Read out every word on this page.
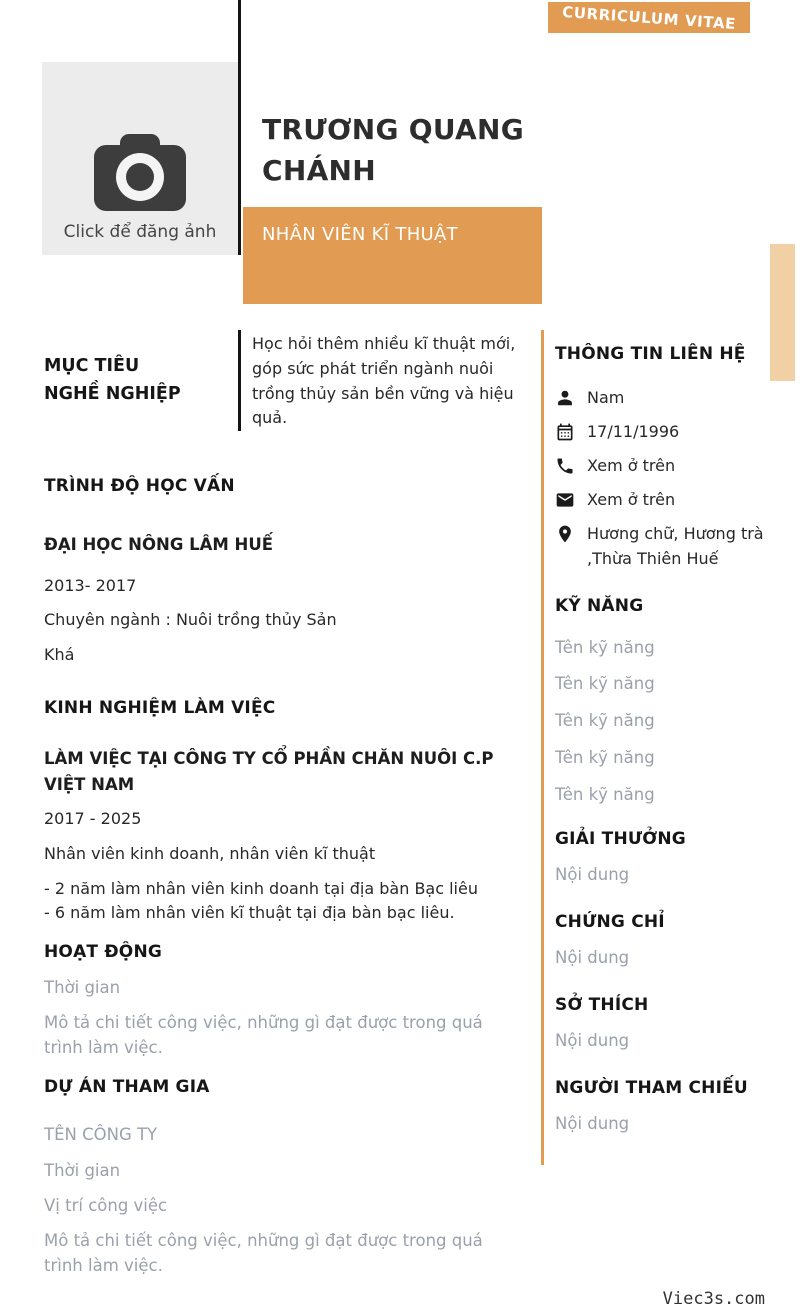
CURRICULUM VITAE
Click để đăng ảnh
TRƯƠNG QUANG CHÁNH
NHÂN VIÊN KĨ THUẬT
MỤC TIÊU NGHỀ NGHIỆP
Học hỏi thêm nhiều kĩ thuật mới, góp sức phát triển ngành nuôi trồng thủy sản bền vững và hiệu quả.

TRÌNH ĐỘ HỌC VẤN

ĐẠI HỌC NÔNG LÂM HUẾ

2013- 2017

Chuyên ngành : Nuôi trồng thủy Sản

Khá

KINH NGHIỆM LÀM VIỆC

LÀM VIỆC TẠI CÔNG TY CỔ PHẦN CHĂN NUÔI C.P VIỆT NAM

2017 - 2025

Nhân viên kinh doanh, nhân viên kĩ thuật

- 2 năm làm nhân viên kinh doanh tại địa bàn Bạc liêu

- 6 năm làm nhân viên kĩ thuật tại địa bàn bạc liêu.

HOẠT ĐỘNG

Thời gian

Mô tả chi tiết công việc, những gì đạt được trong quá trình làm việc.

DỰ ÁN THAM GIA

TÊN CÔNG TY

Thời gian

Vị trí công việc

Mô tả chi tiết công việc, những gì đạt được trong quá trình làm việc.

THÔNG TIN LIÊN HỆ

Nam

17/11/1996

Xem ở trên

Xem ở trên

Hương chữ, Hương trà ,Thừa Thiên Huế

KỸ NĂNG

Tên kỹ năng

Tên kỹ năng

Tên kỹ năng

Tên kỹ năng

Tên kỹ năng

GIẢI THƯỞNG

Nội dung

CHỨNG CHỈ

Nội dung

SỞ THÍCH

Nội dung

NGƯỜI THAM CHIẾU

Nội dung

Viec3s.com
